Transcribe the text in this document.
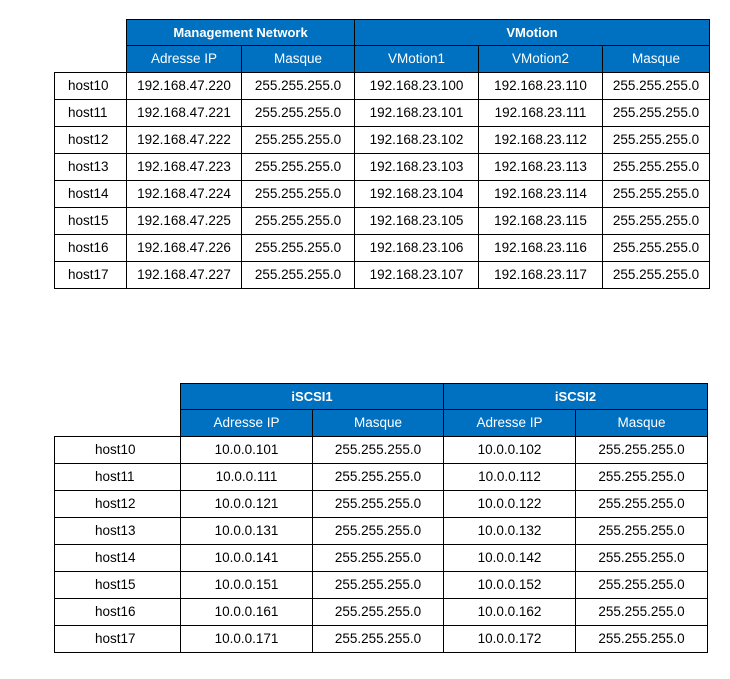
	Management Network		VMotion		
	Adresse IP	Masque	VMotion1	VMotion2	Masque
host10	192.168.47.220	255.255.255.0	192.168.23.100	192.168.23.110	255.255.255.0
host11	192.168.47.221	255.255.255.0	192.168.23.101	192.168.23.111	255.255.255.0
host12	192.168.47.222	255.255.255.0	192.168.23.102	192.168.23.112	255.255.255.0
host13	192.168.47.223	255.255.255.0	192.168.23.103	192.168.23.113	255.255.255.0
host14	192.168.47.224	255.255.255.0	192.168.23.104	192.168.23.114	255.255.255.0
host15	192.168.47.225	255.255.255.0	192.168.23.105	192.168.23.115	255.255.255.0
host16	192.168.47.226	255.255.255.0	192.168.23.106	192.168.23.116	255.255.255.0
host17	192.168.47.227	255.255.255.0	192.168.23.107	192.168.23.117	255.255.255.0
	iSCSI1		iSCSI2	
	Adresse IP	Masque	Adresse IP	Masque
host10	10.0.0.101	255.255.255.0	10.0.0.102	255.255.255.0
host11	10.0.0.111	255.255.255.0	10.0.0.112	255.255.255.0
host12	10.0.0.121	255.255.255.0	10.0.0.122	255.255.255.0
host13	10.0.0.131	255.255.255.0	10.0.0.132	255.255.255.0
host14	10.0.0.141	255.255.255.0	10.0.0.142	255.255.255.0
host15	10.0.0.151	255.255.255.0	10.0.0.152	255.255.255.0
host16	10.0.0.161	255.255.255.0	10.0.0.162	255.255.255.0
host17	10.0.0.171	255.255.255.0	10.0.0.172	255.255.255.0
